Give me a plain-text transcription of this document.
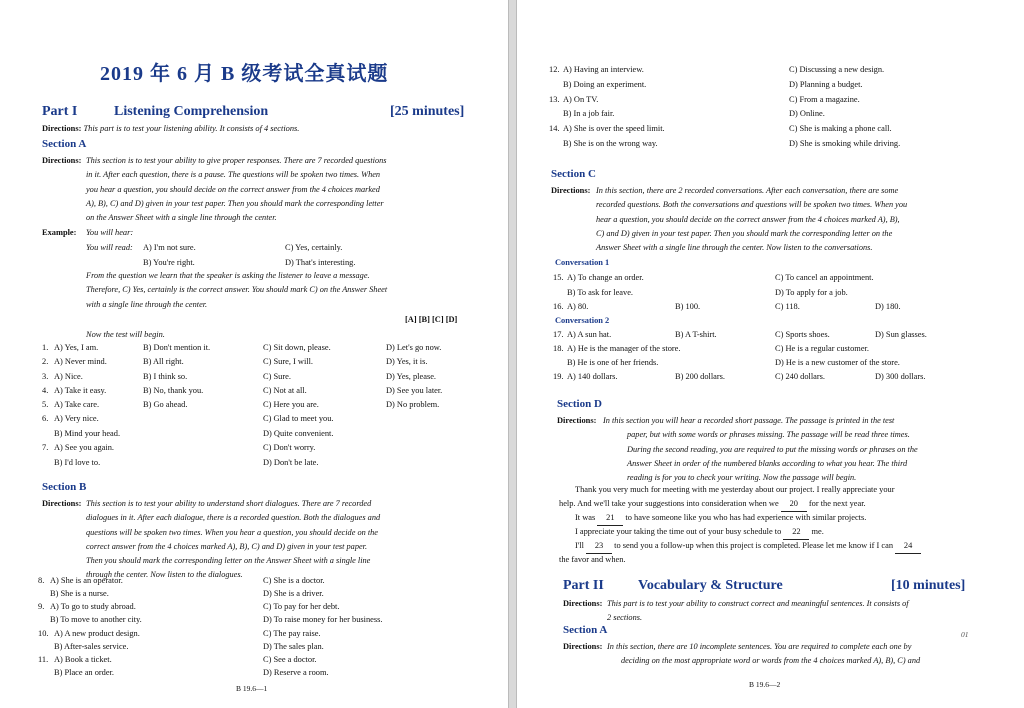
2019 年 6 月 B 级考试全真试题
Part I	Listening Comprehension	[25 minutes]
Directions: This part is to test your listening ability. It consists of 4 sections.
Section A
Directions: This section is to test your ability to give proper responses. There are 7 recorded questions
in it. After each question, there is a pause. The questions will be spoken two times. When
you hear a question, you should decide on the correct answer from the 4 choices marked
A), B), C) and D) given in your test paper. Then you should mark the corresponding letter
on the Answer Sheet with a single line through the center.
Example: You will hear:
You will read: A) I'm not sure.
B) You're right.
C) Yes, certainly.
D) That's interesting.
From the question we learn that the speaker is asking the listener to leave a message.
Therefore, C) Yes, certainly is the correct answer. You should mark C) on the Answer Sheet
with a single line through the center.
[A] [B] [C] [D]
Now the test will begin.
1. A) Yes, I am.	B) Don't mention it.	C) Sit down, please.	D) Let's go now.
2. A) Never mind.	B) All right.	C) Sure, I will.	D) Yes, it is.
3. A) Nice.	B) I think so.	C) Sure.	D) Yes, please.
4. A) Take it easy.	B) No, thank you.	C) Not at all.	D) See you later.
5. A) Take care.	B) Go ahead.	C) Here you are.	D) No problem.
6. A) Very nice.
B) Mind your head.
C) Glad to meet you.
D) Quite convenient.
7. A) See you again.
B) I'd love to.
C) Don't worry.
D) Don't be late.
Section B
Directions: This section is to test your ability to understand short dialogues. There are 7 recorded
dialogues in it. After each dialogue, there is a recorded question. Both the dialogues and
questions will be spoken two times. When you hear a question, you should decide on the
correct answer from the 4 choices marked A), B), C) and D) given in your test paper.
Then you should mark the corresponding letter on the Answer Sheet with a single line
through the center. Now listen to the dialogues.
8. A) She is an operator.
B) She is a nurse.
C) She is a doctor.
D) She is a driver.
9. A) To go to study abroad.
B) To move to another city.
C) To pay for her debt.
D) To raise money for her business.
10. A) A new product design.
B) After-sales service.
C) The pay raise.
D) The sales plan.
11. A) Book a ticket.
B) Place an order.
C) See a doctor.
D) Reserve a room.
B 19.6—1
12. A) Having an interview.
B) Doing an experiment.
C) Discussing a new design.
D) Planning a budget.
13. A) On TV.
B) In a job fair.
C) From a magazine.
D) Online.
14. A) She is over the speed limit.
B) She is on the wrong way.
C) She is making a phone call.
D) She is smoking while driving.
Section C
Directions: In this section, there are 2 recorded conversations. After each conversation, there are some
recorded questions. Both the conversations and questions will be spoken two times. When you
hear a question, you should decide on the correct answer from the 4 choices marked A), B),
C) and D) given in your test paper. Then you should mark the corresponding letter on the
Answer Sheet with a single line through the center. Now listen to the conversations.
Conversation 1
15. A) To change an order.
B) To ask for leave.
C) To cancel an appointment.
D) To apply for a job.
16. A) 80.	B) 100.	C) 118.	D) 180.
Conversation 2
17. A) A sun hat.	B) A T-shirt.	C) Sports shoes.	D) Sun glasses.
18. A) He is the manager of the store.
B) He is one of her friends.
C) He is a regular customer.
D) He is a new customer of the store.
19. A) 140 dollars.	B) 200 dollars.	C) 240 dollars.	D) 300 dollars.
Section D
Directions: In this section you will hear a recorded short passage. The passage is printed in the test
paper, but with some words or phrases missing. The passage will be read three times.
During the second reading, you are required to put the missing words or phrases on the
Answer Sheet in order of the numbered blanks according to what you hear. The third
reading is for you to check your writing. Now the passage will begin.
Thank you very much for meeting with me yesterday about our project. I really appreciate your
help. And we'll take your suggestions into consideration when we 20 for the next year.
It was 21 to have someone like you who has had experience with similar projects.
I appreciate your taking the time out of your busy schedule to 22 me.
I'll 23 to send you a follow-up when this project is completed. Please let me know if I can 24
the favor and when.
Part II Vocabulary & Structure	[10 minutes]
Directions: This part is to test your ability to construct correct and meaningful sentences. It consists of
2 sections.
Section A	01
Directions: In this section, there are 10 incomplete sentences. You are required to complete each one by
deciding on the most appropriate word or words from the 4 choices marked A), B), C) and
B 19.6—2
